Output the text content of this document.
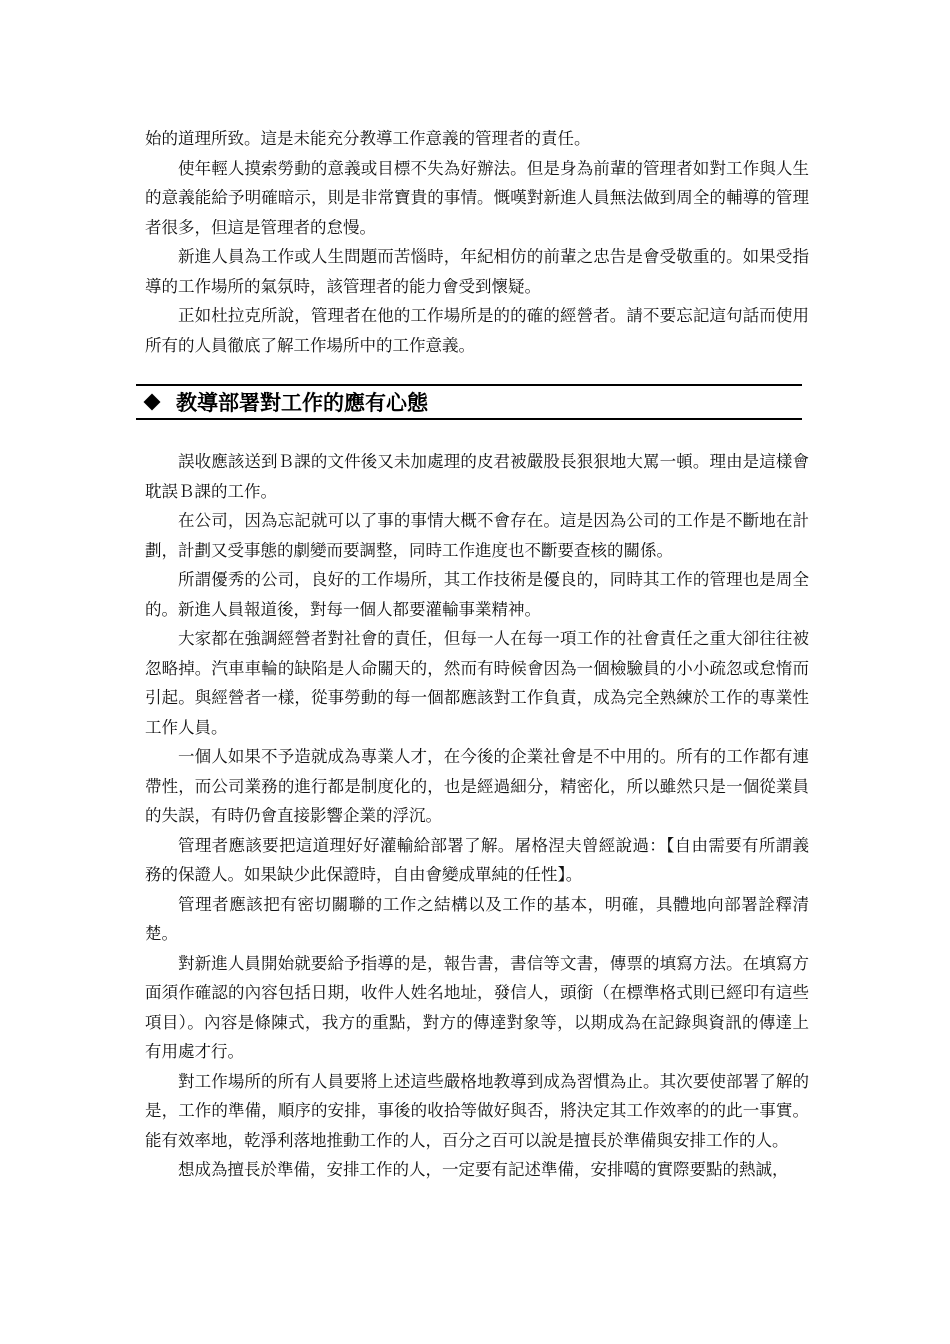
始的道理所致。這是未能充分教導工作意義的管理者的責任。

使年輕人摸索勞動的意義或目標不失為好辦法。但是身為前輩的管理者如對工作與人生的意義能給予明確暗示，則是非常寶貴的事情。慨嘆對新進人員無法做到周全的輔導的管理者很多，但這是管理者的怠慢。

新進人員為工作或人生問題而苦惱時，年紀相仿的前輩之忠告是會受敬重的。如果受指導的工作場所的氣氛時，該管理者的能力會受到懷疑。

正如杜拉克所說，管理者在他的工作場所是的的確的經營者。請不要忘記這句話而使用所有的人員徹底了解工作場所中的工作意義。

教導部署對工作的應有心態

誤收應該送到Ｂ課的文件後又未加處理的皮君被嚴股長狠狠地大罵一頓。理由是這樣會耽誤Ｂ課的工作。

在公司，因為忘記就可以了事的事情大概不會存在。這是因為公司的工作是不斷地在計劃，計劃又受事態的劇變而要調整，同時工作進度也不斷要查核的關係。

所謂優秀的公司，良好的工作場所，其工作技術是優良的，同時其工作的管理也是周全的。新進人員報道後，對每一個人都要灌輸事業精神。

大家都在強調經營者對社會的責任，但每一人在每一項工作的社會責任之重大卻往往被忽略掉。汽車車輪的缺陷是人命關天的，然而有時候會因為一個檢驗員的小小疏忽或怠惰而引起。與經營者一樣，從事勞動的每一個都應該對工作負責，成為完全熟練於工作的專業性工作人員。

一個人如果不予造就成為專業人才，在今後的企業社會是不中用的。所有的工作都有連帶性，而公司業務的進行都是制度化的，也是經過細分，精密化，所以雖然只是一個從業員的失誤，有時仍會直接影響企業的浮沉。

管理者應該要把這道理好好灌輸給部署了解。屠格涅夫曾經說過：【自由需要有所謂義務的保證人。如果缺少此保證時，自由會變成單純的任性】。

管理者應該把有密切關聯的工作之結構以及工作的基本，明確，具體地向部署詮釋清楚。

對新進人員開始就要給予指導的是，報告書，書信等文書，傳票的填寫方法。在填寫方面須作確認的內容包括日期，收件人姓名地址，發信人，頭銜（在標準格式則已經印有這些項目）。內容是條陳式，我方的重點，對方的傳達對象等，以期成為在記錄與資訊的傳達上有用處才行。

對工作場所的所有人員要將上述這些嚴格地教導到成為習慣為止。其次要使部署了解的是，工作的準備，順序的安排，事後的收拾等做好與否，將決定其工作效率的的此一事實。能有效率地，乾淨利落地推動工作的人，百分之百可以說是擅長於準備與安排工作的人。

想成為擅長於準備，安排工作的人，一定要有記述準備，安排噶的實際要點的熱誠，
